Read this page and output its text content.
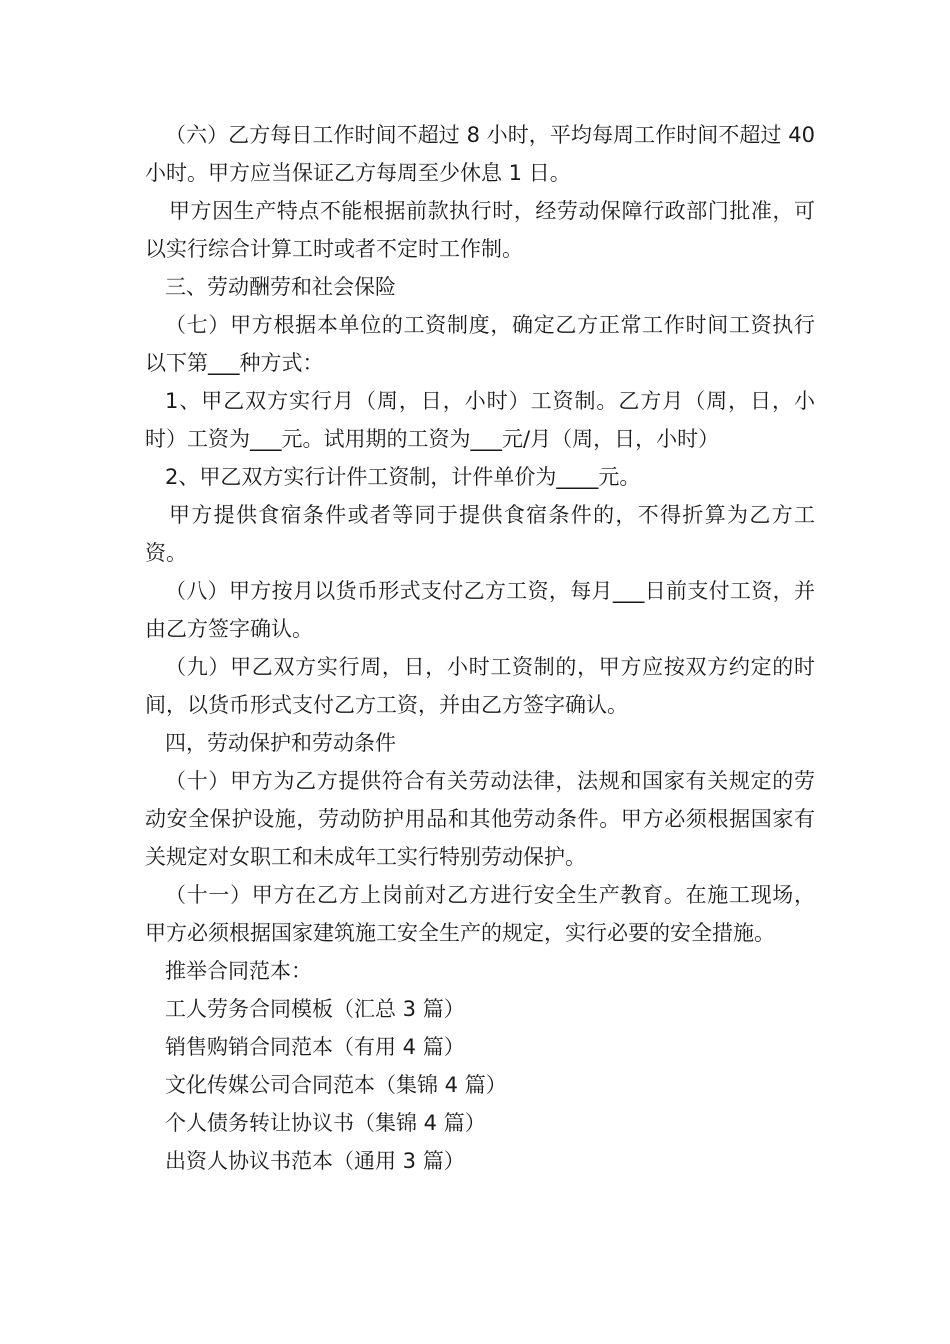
（六）乙方每日工作时间不超过 8 小时，平均每周工作时间不超过 40 小时。甲方应当保证乙方每周至少休息 1 日。

甲方因生产特点不能根据前款执行时，经劳动保障行政部门批准，可以实行综合计算工时或者不定时工作制。

三、劳动酬劳和社会保险

（七）甲方根据本单位的工资制度，确定乙方正常工作时间工资执行以下第___种方式：

1、甲乙双方实行月（周，日，小时）工资制。乙方月（周，日，小时）工资为___元。试用期的工资为___元/月（周，日，小时）

2、甲乙双方实行计件工资制，计件单价为____元。

甲方提供食宿条件或者等同于提供食宿条件的，不得折算为乙方工资。

（八）甲方按月以货币形式支付乙方工资，每月___日前支付工资，并由乙方签字确认。

（九）甲乙双方实行周，日，小时工资制的，甲方应按双方约定的时间，以货币形式支付乙方工资，并由乙方签字确认。

四，劳动保护和劳动条件

（十）甲方为乙方提供符合有关劳动法律，法规和国家有关规定的劳动安全保护设施，劳动防护用品和其他劳动条件。甲方必须根据国家有关规定对女职工和未成年工实行特别劳动保护。

（十一）甲方在乙方上岗前对乙方进行安全生产教育。在施工现场，甲方必须根据国家建筑施工安全生产的规定，实行必要的安全措施。

推举合同范本：

工人劳务合同模板（汇总 3 篇）

销售购销合同范本（有用 4 篇）

文化传媒公司合同范本（集锦 4 篇）

个人债务转让协议书（集锦 4 篇）

出资人协议书范本（通用 3 篇）
